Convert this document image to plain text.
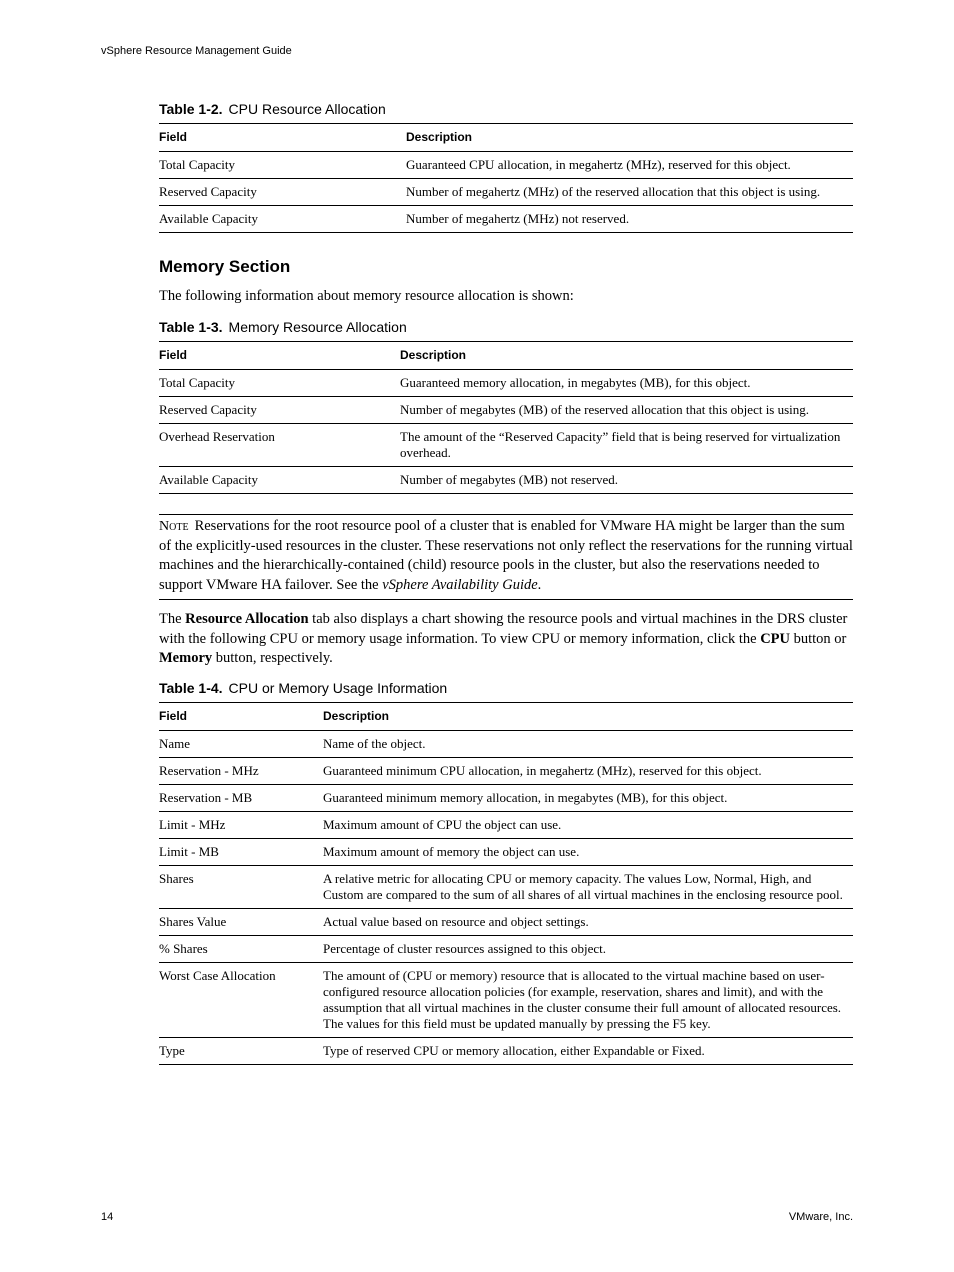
vSphere Resource Management Guide
Table 1-2. CPU Resource Allocation
Field	Description
Total Capacity	Guaranteed CPU allocation, in megahertz (MHz), reserved for this object.
Reserved Capacity	Number of megahertz (MHz) of the reserved allocation that this object is using.
Available Capacity	Number of megahertz (MHz) not reserved.
Memory Section

The following information about memory resource allocation is shown:

Table 1-3. Memory Resource Allocation
Field	Description
Total Capacity	Guaranteed memory allocation, in megabytes (MB), for this object.
Reserved Capacity	Number of megabytes (MB) of the reserved allocation that this object is using.
Overhead Reservation	The amount of the “Reserved Capacity” field that is being reserved for virtualization overhead.
Available Capacity	Number of megabytes (MB) not reserved.

Note Reservations for the root resource pool of a cluster that is enabled for VMware HA might be larger than the sum of the explicitly-used resources in the cluster. These reservations not only reflect the reservations for the running virtual machines and the hierarchically-contained (child) resource pools in the cluster, but also the reservations needed to support VMware HA failover. See the vSphere Availability Guide.

The Resource Allocation tab also displays a chart showing the resource pools and virtual machines in the DRS cluster with the following CPU or memory usage information. To view CPU or memory information, click the CPU button or Memory button, respectively.

Table 1-4. CPU or Memory Usage Information
Field	Description
Name	Name of the object.
Reservation - MHz	Guaranteed minimum CPU allocation, in megahertz (MHz), reserved for this object.
Reservation - MB	Guaranteed minimum memory allocation, in megabytes (MB), for this object.
Limit - MHz	Maximum amount of CPU the object can use.
Limit - MB	Maximum amount of memory the object can use.
Shares	A relative metric for allocating CPU or memory capacity. The values Low, Normal, High, and Custom are compared to the sum of all shares of all virtual machines in the enclosing resource pool.
Shares Value	Actual value based on resource and object settings.
% Shares	Percentage of cluster resources assigned to this object.
Worst Case Allocation	The amount of (CPU or memory) resource that is allocated to the virtual machine based on user-configured resource allocation policies (for example, reservation, shares and limit), and with the assumption that all virtual machines in the cluster consume their full amount of allocated resources. The values for this field must be updated manually by pressing the F5 key.
Type	Type of reserved CPU or memory allocation, either Expandable or Fixed.
14	VMware, Inc.
